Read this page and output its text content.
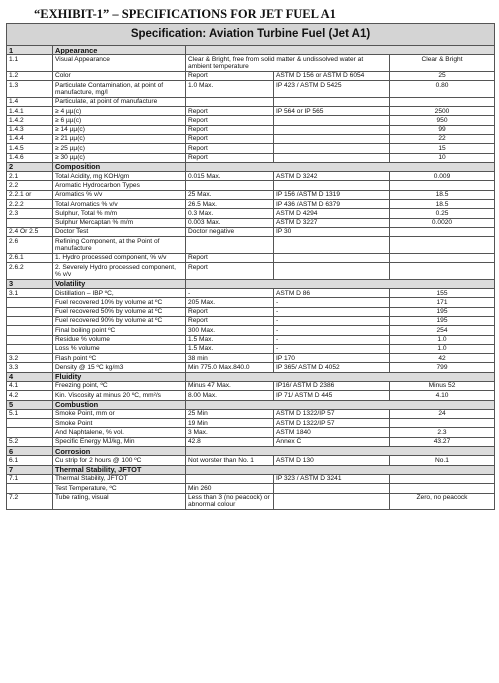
“EXHIBIT-1” – SPECIFICATIONS FOR JET FUEL A1
Specification: Aviation Turbine Fuel (Jet A1)				
1	Appearance			
1.1	Visual Appearance	Clear & Bright, free from solid matter & undissolved water at ambient temperature		Clear & Bright
1.2	Color	Report	ASTM D 156 or ASTM D 6054	25
1.3	Particulate Contamination, at point of manufacture, mg/l	1.0 Max.	IP 423 / ASTM D 5425	0.80
1.4	Particulate, at point of manufacture			
1.4.1	≥ 4 µµ(c)	Report	IP 564 or IP 565	2500
1.4.2	≥ 6 µµ(c)	Report		950
1.4.3	≥ 14 µµ(c)	Report		99
1.4.4	≥ 21 µµ(c)	Report		22
1.4.5	≥ 25 µµ(c)	Report		15
1.4.6	≥ 30 µµ(c)	Report		10
2	Composition			
2.1	Total Acidity, mg KOH/gm	0.015 Max.	ASTM D 3242	0.009
2.2	Aromatic Hydrocarbon Types			
2.2.1 or	Aromatics % v/v	25 Max.	IP 156 /ASTM D 1319	18.5
2.2.2	Total Aromatics % v/v	26.5 Max.	IP 436 /ASTM D 6379	18.5
2.3	Sulphur, Total % m/m	0.3 Max.	ASTM D 4294	0.25
	Sulphur Mercaptan % m/m	0.003 Max.	ASTM D 3227	0.0020
2.4 Or 2.5	Doctor Test	Doctor negative	IP 30	
2.6	Refining Component, at the Point of manufacture			
2.6.1	1. Hydro processed component, % v/v	Report		
2.6.2	2. Severely Hydro processed component, % v/v	Report		
3	Volatility			
3.1	Distillation – IBP ºC,	-	ASTM D 86	155
	Fuel recovered 10% by volume at ºC	205 Max.	-	171
	Fuel recovered 50% by volume at ºC	Report	-	195
	Fuel recovered 90% by volume at ºC	Report	-	195
	Final boiling point ºC	300 Max.	-	254
	Residue % volume	1.5 Max.	-	1.0
	Loss % volume	1.5 Max.	-	1.0
3.2	Flash point ºC	38 min	IP 170	42
3.3	Density @ 15 ºC kg/m3	Min 775.0 Max.840.0	IP 365/ ASTM D 4052	799
4	Fluidity			
4.1	Freezing point, ºC	Minus 47 Max.	IP16/ ASTM D 2386	Minus 52
4.2	Kin. Viscosity at minus 20 ºC, mm²/s	8.00 Max.	IP 71/ ASTM D 445	4.10
5	Combustion			
5.1	Smoke Point, mm or	25 Min	ASTM D 1322/IP 57	24
	Smoke Point	19 Min	ASTM D 1322/IP 57	
	And Naphtalene, % vol.	3 Max.	ASTM 1840	2.3
5.2	Specific Energy MJ/kg, Min	42.8	Annex C	43.27
6	Corrosion			
6.1	Cu strip for 2 hours @ 100 ºC	Not worster than No. 1	ASTM D 130	No.1
7	Thermal Stability, JFTOT			
7.1	Thermal Stability, JFTOT		IP 323 / ASTM D 3241	
	Test Temperature, ºC	Min 260		
7.2	Tube rating, visual	Less than 3 (no peacock) or abnormal colour		Zero, no peacock
